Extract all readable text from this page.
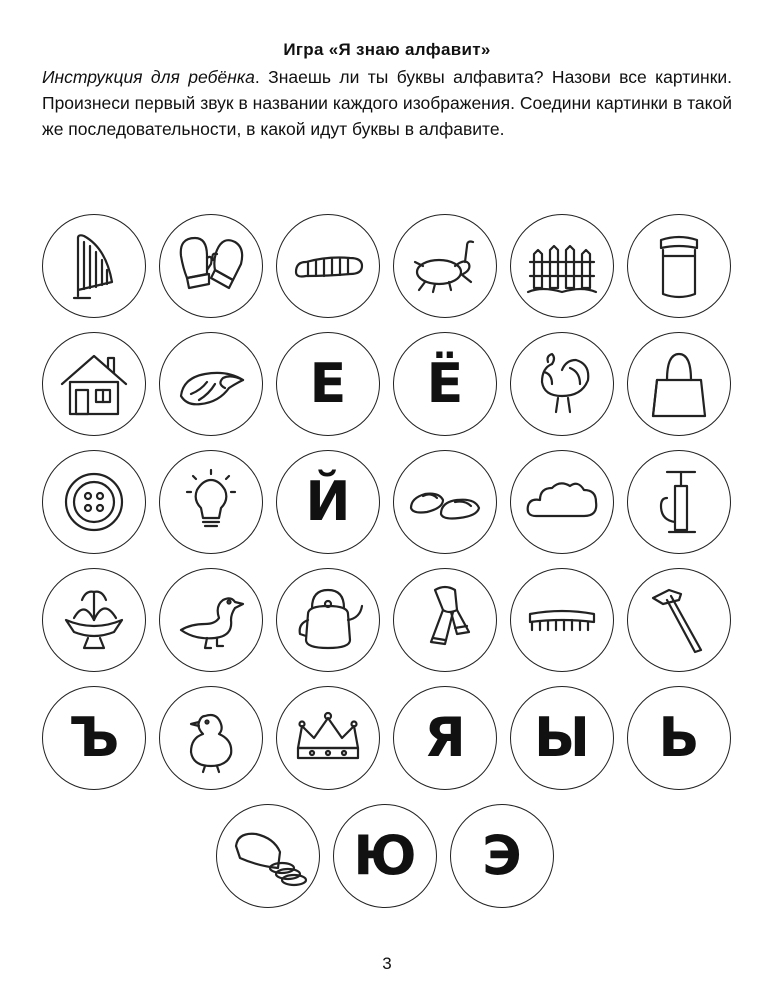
Игра «Я знаю алфавит»
Инструкция для ребёнка. Знаешь ли ты буквы алфавита? Назови все картинки. Произнеси первый звук в названии каждого изображения. Соедини картинки в такой же последовательности, в какой идут буквы в алфавите.
Е Ё
Й
Ъ	Я Ы Ь
Ю Э
3
